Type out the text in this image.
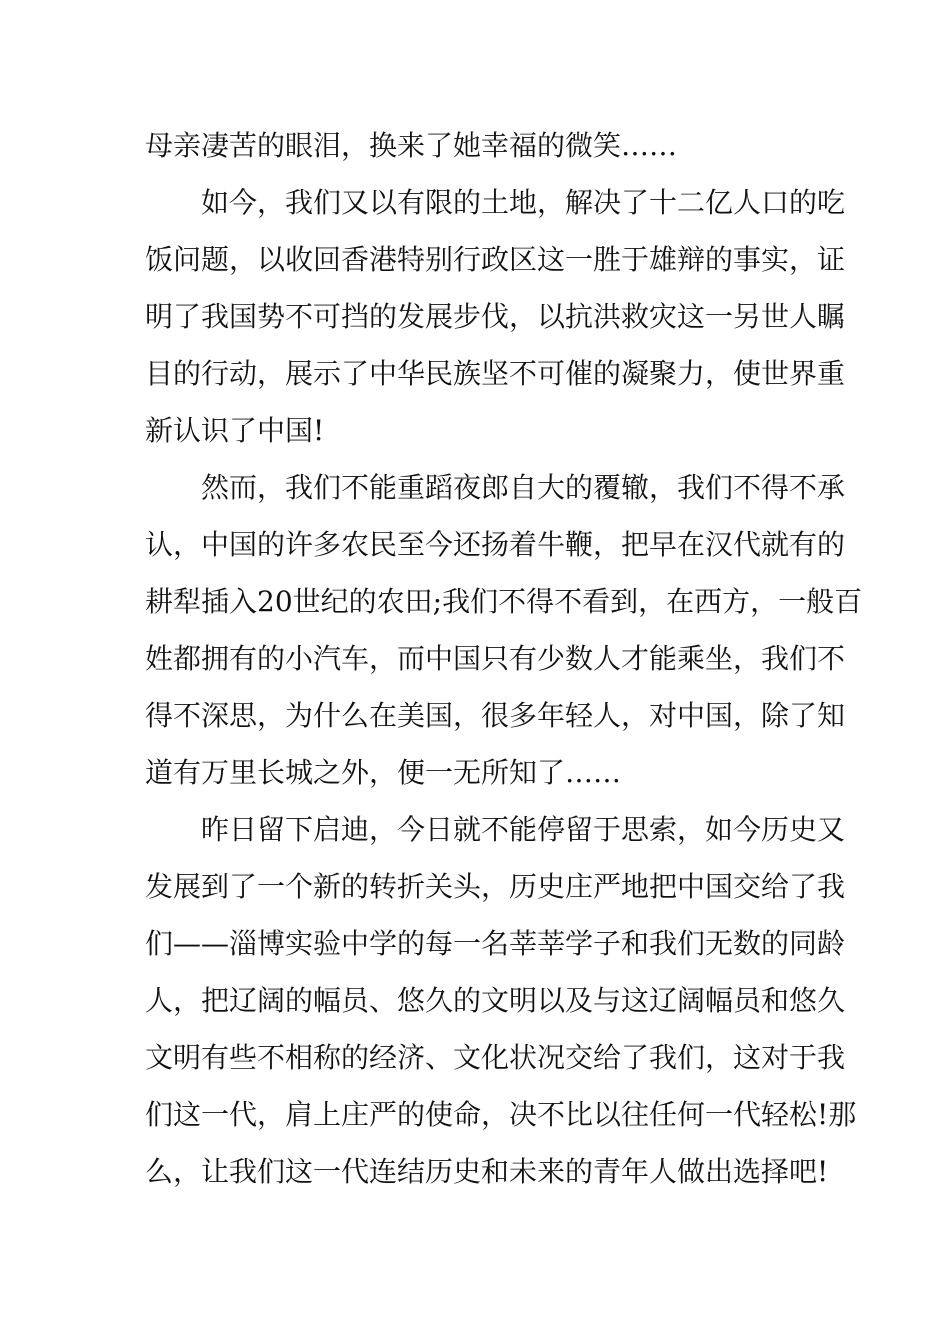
母亲凄苦的眼泪，换来了她幸福的微笑……
如今，我们又以有限的土地，解决了十二亿人口的吃
饭问题，以收回香港特别行政区这一胜于雄辩的事实，证
明了我国势不可挡的发展步伐，以抗洪救灾这一另世人瞩
目的行动，展示了中华民族坚不可催的凝聚力，使世界重
新认识了中国!
然而，我们不能重蹈夜郎自大的覆辙，我们不得不承
认，中国的许多农民至今还扬着牛鞭，把早在汉代就有的
耕犁插入20世纪的农田;我们不得不看到，在西方，一般百
姓都拥有的小汽车，而中国只有少数人才能乘坐，我们不
得不深思，为什么在美国，很多年轻人，对中国，除了知
道有万里长城之外，便一无所知了……
昨日留下启迪，今日就不能停留于思索，如今历史又
发展到了一个新的转折关头，历史庄严地把中国交给了我
们——淄博实验中学的每一名莘莘学子和我们无数的同龄
人，把辽阔的幅员、悠久的文明以及与这辽阔幅员和悠久
文明有些不相称的经济、文化状况交给了我们，这对于我
们这一代，肩上庄严的使命，决不比以往任何一代轻松!那
么，让我们这一代连结历史和未来的青年人做出选择吧!
